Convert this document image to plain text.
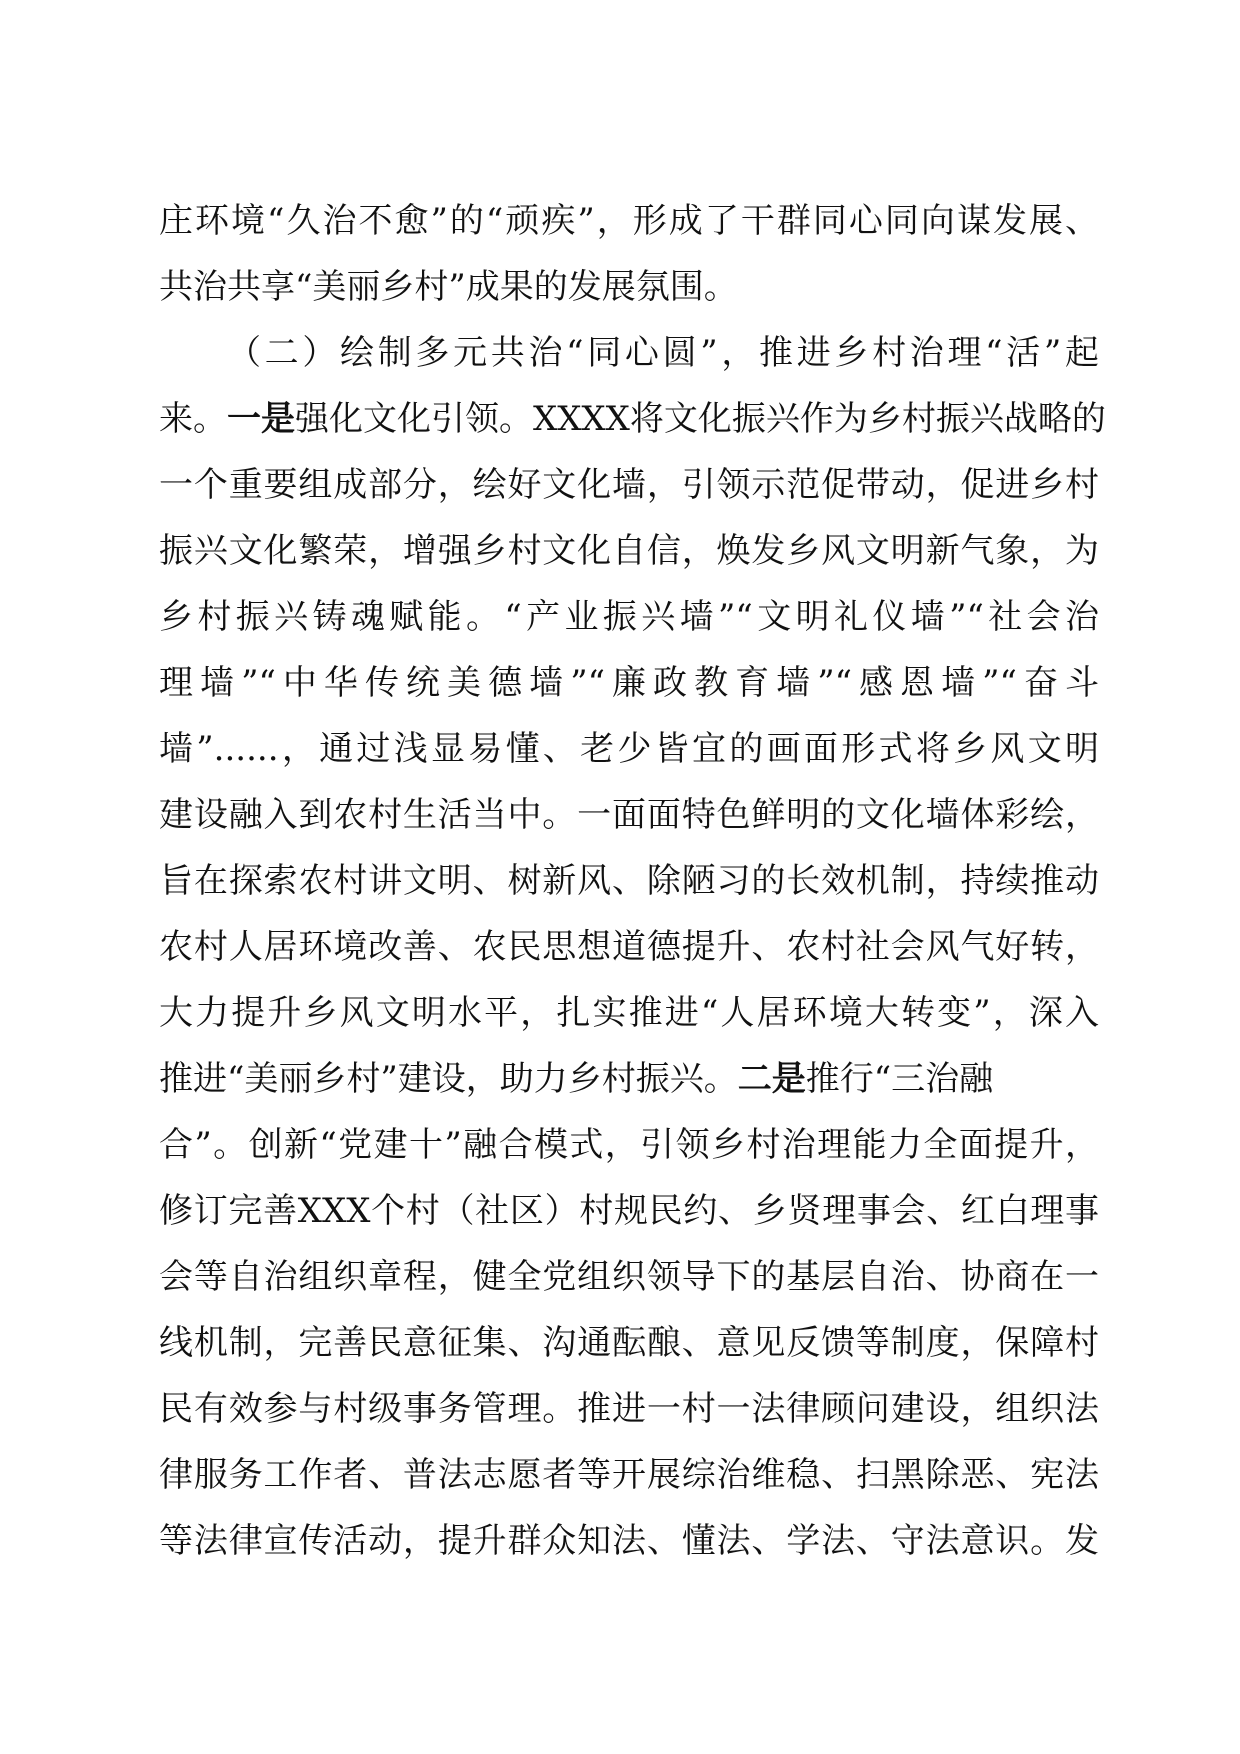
庄环境“久治不愈”的“顽疾”，形成了干群同心同向谋发展、
共治共享“美丽乡村”成果的发展氛围。
（二）绘制多元共治“同心圆”，推进乡村治理“活”起
来。一是强化文化引领。XXXX将文化振兴作为乡村振兴战略的
一个重要组成部分，绘好文化墙，引领示范促带动，促进乡村
振兴文化繁荣，增强乡村文化自信，焕发乡风文明新气象，为
乡村振兴铸魂赋能。“产业振兴墙”“文明礼仪墙”“社会治
理墙”“中华传统美德墙”“廉政教育墙”“感恩墙”“奋斗
墙”......，通过浅显易懂、老少皆宜的画面形式将乡风文明
建设融入到农村生活当中。一面面特色鲜明的文化墙体彩绘，
旨在探索农村讲文明、树新风、除陋习的长效机制，持续推动
农村人居环境改善、农民思想道德提升、农村社会风气好转，
大力提升乡风文明水平，扎实推进“人居环境大转变”，深入
推进“美丽乡村”建设，助力乡村振兴。二是推行“三治融
合”。创新“党建十”融合模式，引领乡村治理能力全面提升，
修订完善XXX个村（社区）村规民约、乡贤理事会、红白理事
会等自治组织章程，健全党组织领导下的基层自治、协商在一
线机制，完善民意征集、沟通酝酿、意见反馈等制度，保障村
民有效参与村级事务管理。推进一村一法律顾问建设，组织法
律服务工作者、普法志愿者等开展综治维稳、扫黑除恶、宪法
等法律宣传活动，提升群众知法、懂法、学法、守法意识。发
